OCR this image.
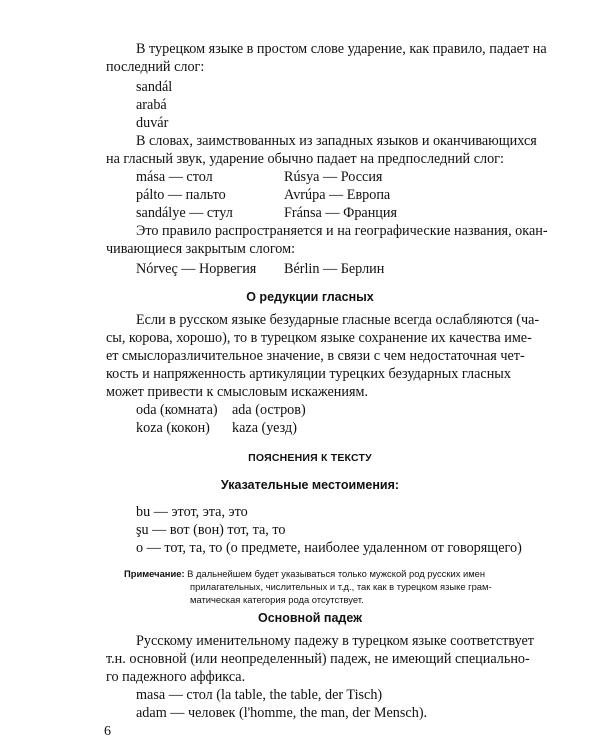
В турецком языке в простом слове ударение, как правило, падает на
последний слог:
sandál
arabá
duvár
В словах, заимствованных из западных языков и оканчивающихся
на гласный звук, ударение обычно падает на предпоследний слог:
mása — стол	Rúsya — Россия
pálto — пальто	Avrúpa — Европа
sandálye — стул	Fránsa — Франция
Это правило распространяется и на географические названия, окан-
чивающиеся закрытым слогом:
Nórveç — Норвегия Bérlin — Берлин
О редукции гласных
Если в русском языке безударные гласные всегда ослабляются (ча-
сы, корова, хорошо), то в турецком языке сохранение их качества име-
ет смыслоразличительное значение, в связи с чем недостаточная чет-
кость и напряженность артикуляции турецких безударных гласных
может привести к смысловым искажениям.
oda (комната) ada (остров)
koza (кокон) kaza (уезд)
ПОЯСНЕНИЯ К ТЕКСТУ
Указательные местоимения:
bu — этот, эта, это
şu — вот (вон) тот, та, то
o — тот, та, то (о предмете, наиболее удаленном от говорящего)
Примечание: В дальнейшем будет указываться только мужской род русских имен
прилагательных, числительных и т.д., так как в турецком языке грам-
матическая категория рода отсутствует.
Основной падеж
Русскому именительному падежу в турецком языке соответствует
т.н. основной (или неопределенный) падеж, не имеющий специально-
го падежного аффикса.
masa — стол (la table, the table, der Tisch)
adam — человек (l'homme, the man, der Mensch).
6
